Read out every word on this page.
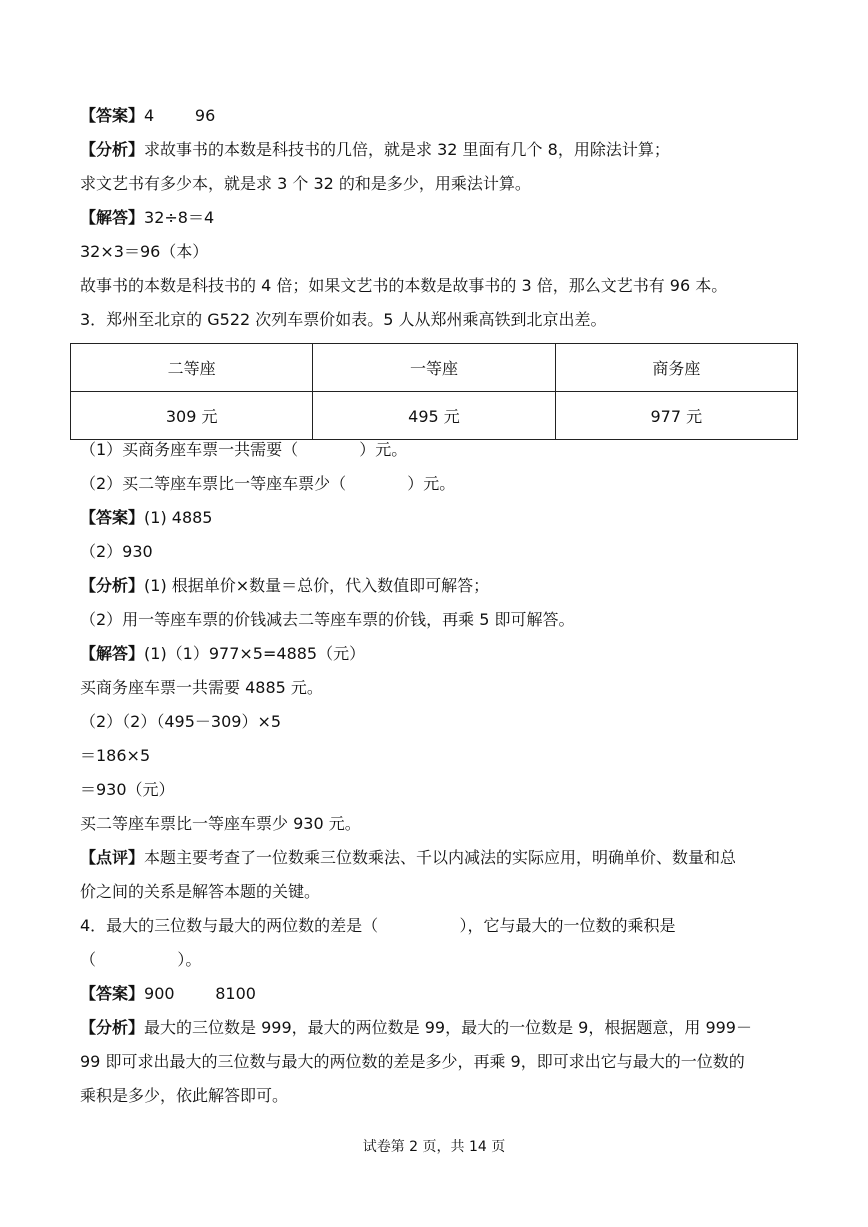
【答案】4        96
【分析】求故事书的本数是科技书的几倍，就是求 32 里面有几个 8，用除法计算；
求文艺书有多少本，就是求 3 个 32 的和是多少，用乘法计算。
【解答】32÷8＝4
32×3＝96（本）
故事书的本数是科技书的 4 倍；如果文艺书的本数是故事书的 3 倍，那么文艺书有 96 本。
3．郑州至北京的 G522 次列车票价如表。5 人从郑州乘高铁到北京出差。
二等座	一等座	商务座
309 元	495 元	977 元
（1）买商务座车票一共需要（            ）元。
（2）买二等座车票比一等座车票少（            ）元。
【答案】(1) 4885
（2）930
【分析】(1) 根据单价×数量＝总价，代入数值即可解答；
（2）用一等座车票的价钱减去二等座车票的价钱，再乘 5 即可解答。
【解答】(1)（1）977×5=4885（元）
买商务座车票一共需要 4885 元。
（2）（2）（495－309）×5
＝186×5
＝930（元）
买二等座车票比一等座车票少 930 元。
【点评】本题主要考查了一位数乘三位数乘法、千以内减法的实际应用，明确单价、数量和总
价之间的关系是解答本题的关键。
4．最大的三位数与最大的两位数的差是（                ），它与最大的一位数的乘积是
（                ）。
【答案】900        8100
【分析】最大的三位数是 999，最大的两位数是 99，最大的一位数是 9，根据题意，用 999－
99 即可求出最大的三位数与最大的两位数的差是多少，再乘 9，即可求出它与最大的一位数的
乘积是多少，依此解答即可。
试卷第 2 页，共 14 页
